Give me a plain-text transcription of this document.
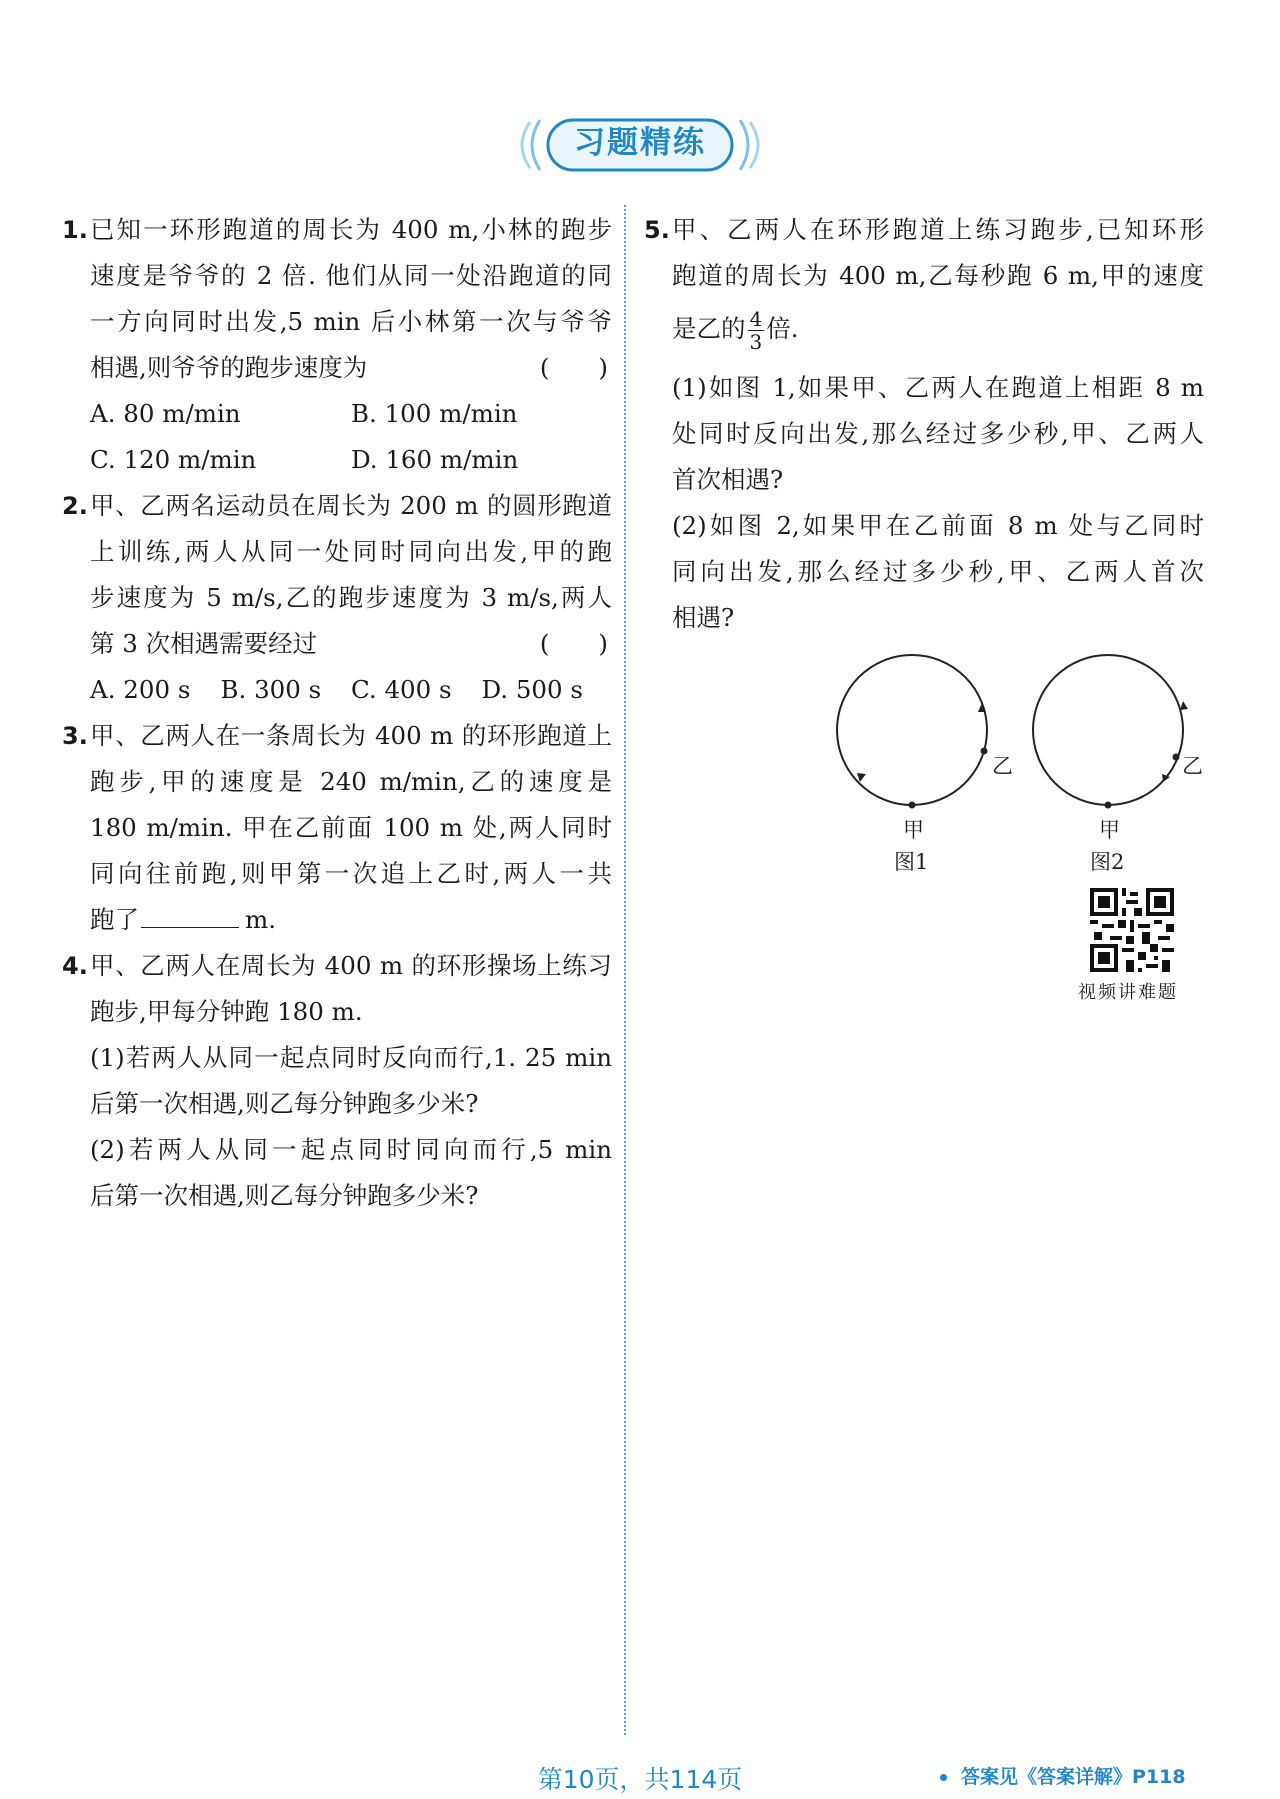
习题精练
1. 已知一环形跑道的周长为 400 m,小林的跑步
速度是爷爷的 2 倍. 他们从同一处沿跑道的同
一方向同时出发,5 min 后小林第一次与爷爷
相遇,则爷爷的跑步速度为	(　　)
A. 80 m/min	B. 100 m/min
C. 120 m/min	D. 160 m/min
2. 甲、乙两名运动员在周长为 200 m 的圆形跑道
上训练,两人从同一处同时同向出发,甲的跑
步速度为 5 m/s,乙的跑步速度为 3 m/s,两人
第 3 次相遇需要经过	(　　)
A. 200 s	B. 300 s	C. 400 s	D. 500 s
3. 甲、乙两人在一条周长为 400 m 的环形跑道上
跑步,甲的速度是 240 m/min,乙的速度是
180 m/min. 甲在乙前面 100 m 处,两人同时
同向往前跑,则甲第一次追上乙时,两人一共
跑了	m.
4. 甲、乙两人在周长为 400 m 的环形操场上练习
跑步,甲每分钟跑 180 m.
(1)若两人从同一起点同时反向而行,1. 25 min
后第一次相遇,则乙每分钟跑多少米?
(2)若两人从同一起点同时同向而行,5 min
后第一次相遇,则乙每分钟跑多少米?
5. 甲、乙两人在环形跑道上练习跑步,已知环形
跑道的周长为 400 m,乙每秒跑 6 m,甲的速度
是乙的 $\frac{4}{3}$ 倍.
(1)如图 1,如果甲、乙两人在跑道上相距 8 m
处同时反向出发,那么经过多少秒,甲、乙两人
首次相遇?
(2)如图 2,如果甲在乙前面 8 m 处与乙同时
同向出发,那么经过多少秒,甲、乙两人首次
相遇?
甲
乙
图1
甲
乙
图2
视频讲难题
答案见《答案详解》P118
第10页，共114页
